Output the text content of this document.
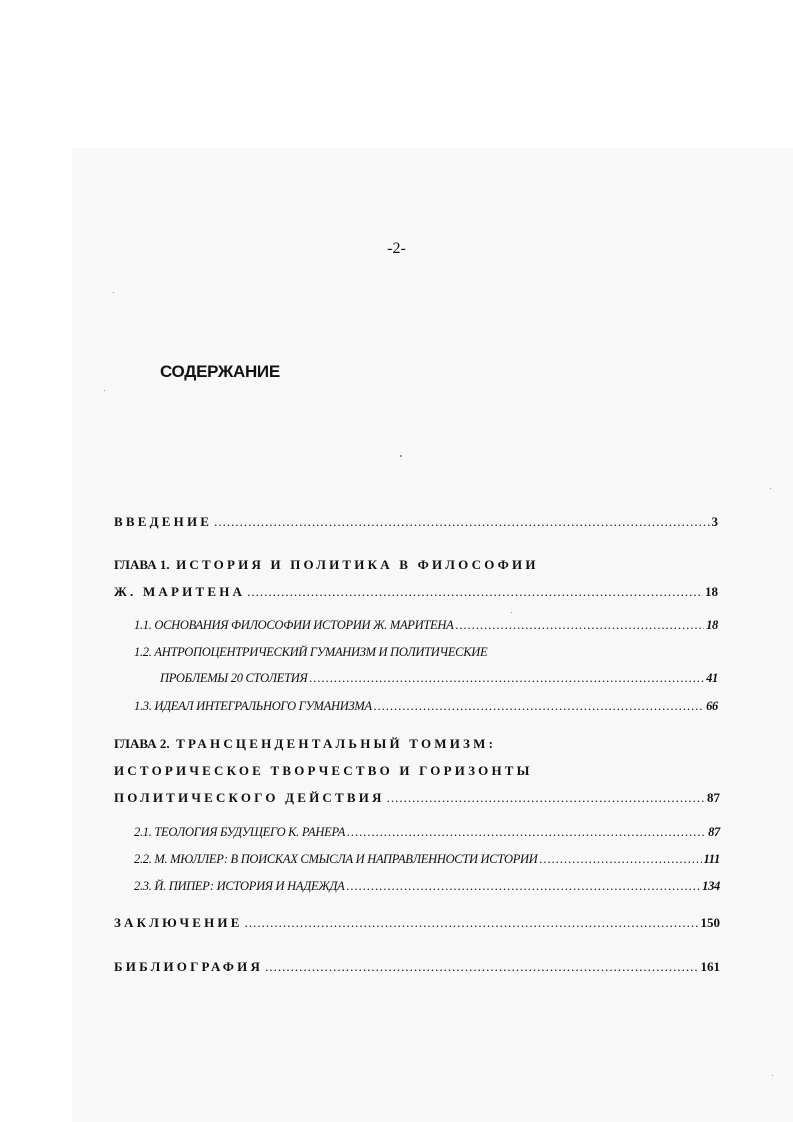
-2-
СОДЕРЖАНИЕ
ВВЕДЕНИЕ .....	3
ГЛАВА 1. ИСТОРИЯ И ПОЛИТИКА В ФИЛОСОФИИ
Ж. МАРИТЕНА .....	18
1.1. ОСНОВАНИЯ ФИЛОСОФИИ ИСТОРИИ Ж. МАРИТЕНА .....	18
1.2. АНТРОПОЦЕНТРИЧЕСКИЙ ГУМАНИЗМ И ПОЛИТИЧЕСКИЕ
ПРОБЛЕМЫ 20 СТОЛЕТИЯ .....	41
1.3. ИДЕАЛ ИНТЕГРАЛЬНОГО ГУМАНИЗМА .....	66
ГЛАВА 2. ТРАНСЦЕНДЕНТАЛЬНЫЙ ТОМИЗМ:
ИСТОРИЧЕСКОЕ ТВОРЧЕСТВО И ГОРИЗОНТЫ
ПОЛИТИЧЕСКОГО ДЕЙСТВИЯ .....	87
2.1. ТЕОЛОГИЯ БУДУЩЕГО К. РАНЕРА .....	87
2.2. М. МЮЛЛЕР: В ПОИСКАХ СМЫСЛА И НАПРАВЛЕННОСТИ ИСТОРИИ .....	111
2.3. Й. ПИПЕР: ИСТОРИЯ И НАДЕЖДА .....	134
ЗАКЛЮЧЕНИЕ .....	150
БИБЛИОГРАФИЯ .....	161
